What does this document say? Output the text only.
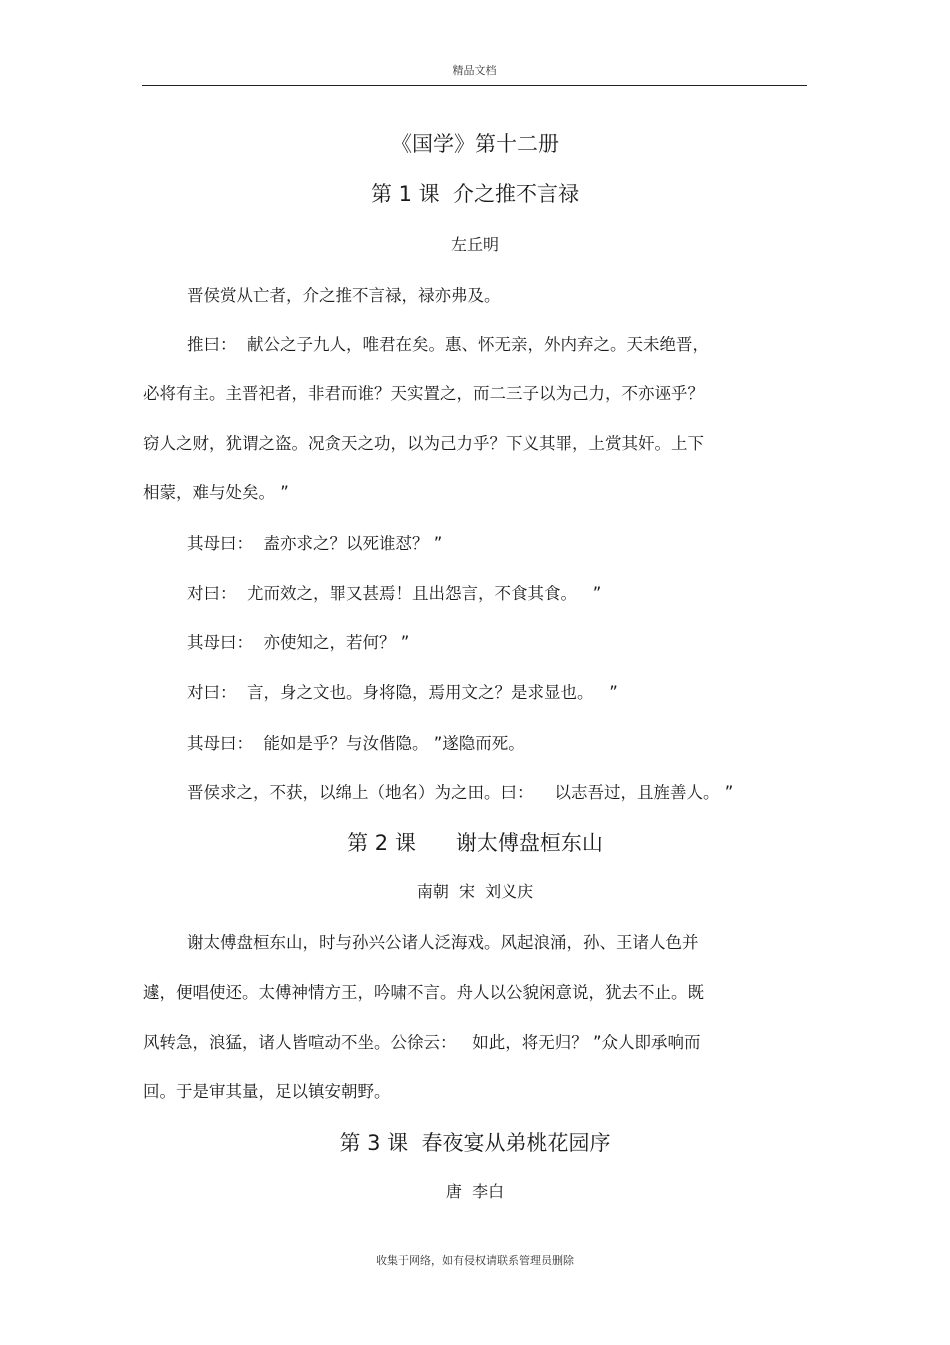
精品文档
《国学》第十二册
第 1 课  介之推不言禄
左丘明
晋侯赏从亡者，介之推不言禄，禄亦弗及。
推曰：  献公之子九人，唯君在矣。惠、怀无亲，外内弃之。天未绝晋，
必将有主。主晋祀者，非君而谁？天实置之，而二三子以为己力，不亦诬乎？
窃人之财，犹谓之盗。况贪天之功，以为己力乎？下义其罪，上赏其奸。上下
相蒙，难与处矣。 ”
其母曰：  盍亦求之？以死谁怼？ ”
对曰：  尤而效之，罪又甚焉！且出怨言，不食其食。   ”
其母曰：  亦使知之，若何？ ”
对曰：  言，身之文也。身将隐，焉用文之？是求显也。   ”
其母曰：  能如是乎？与汝偕隐。 ”遂隐而死。
晋侯求之，不获，以绵上（地名）为之田。曰：    以志吾过，且旌善人。 ”
第 2 课      谢太傅盘桓东山
南朝  宋  刘义庆
谢太傅盘桓东山，时与孙兴公诸人泛海戏。风起浪涌，孙、王诸人色并
遽，便唱使还。太傅神情方王，吟啸不言。舟人以公貌闲意说，犹去不止。既
风转急，浪猛，诸人皆喧动不坐。公徐云：   如此，将无归？ ”众人即承响而
回。于是审其量，足以镇安朝野。
第 3 课  春夜宴从弟桃花园序
唐  李白
收集于网络，如有侵权请联系管理员删除
